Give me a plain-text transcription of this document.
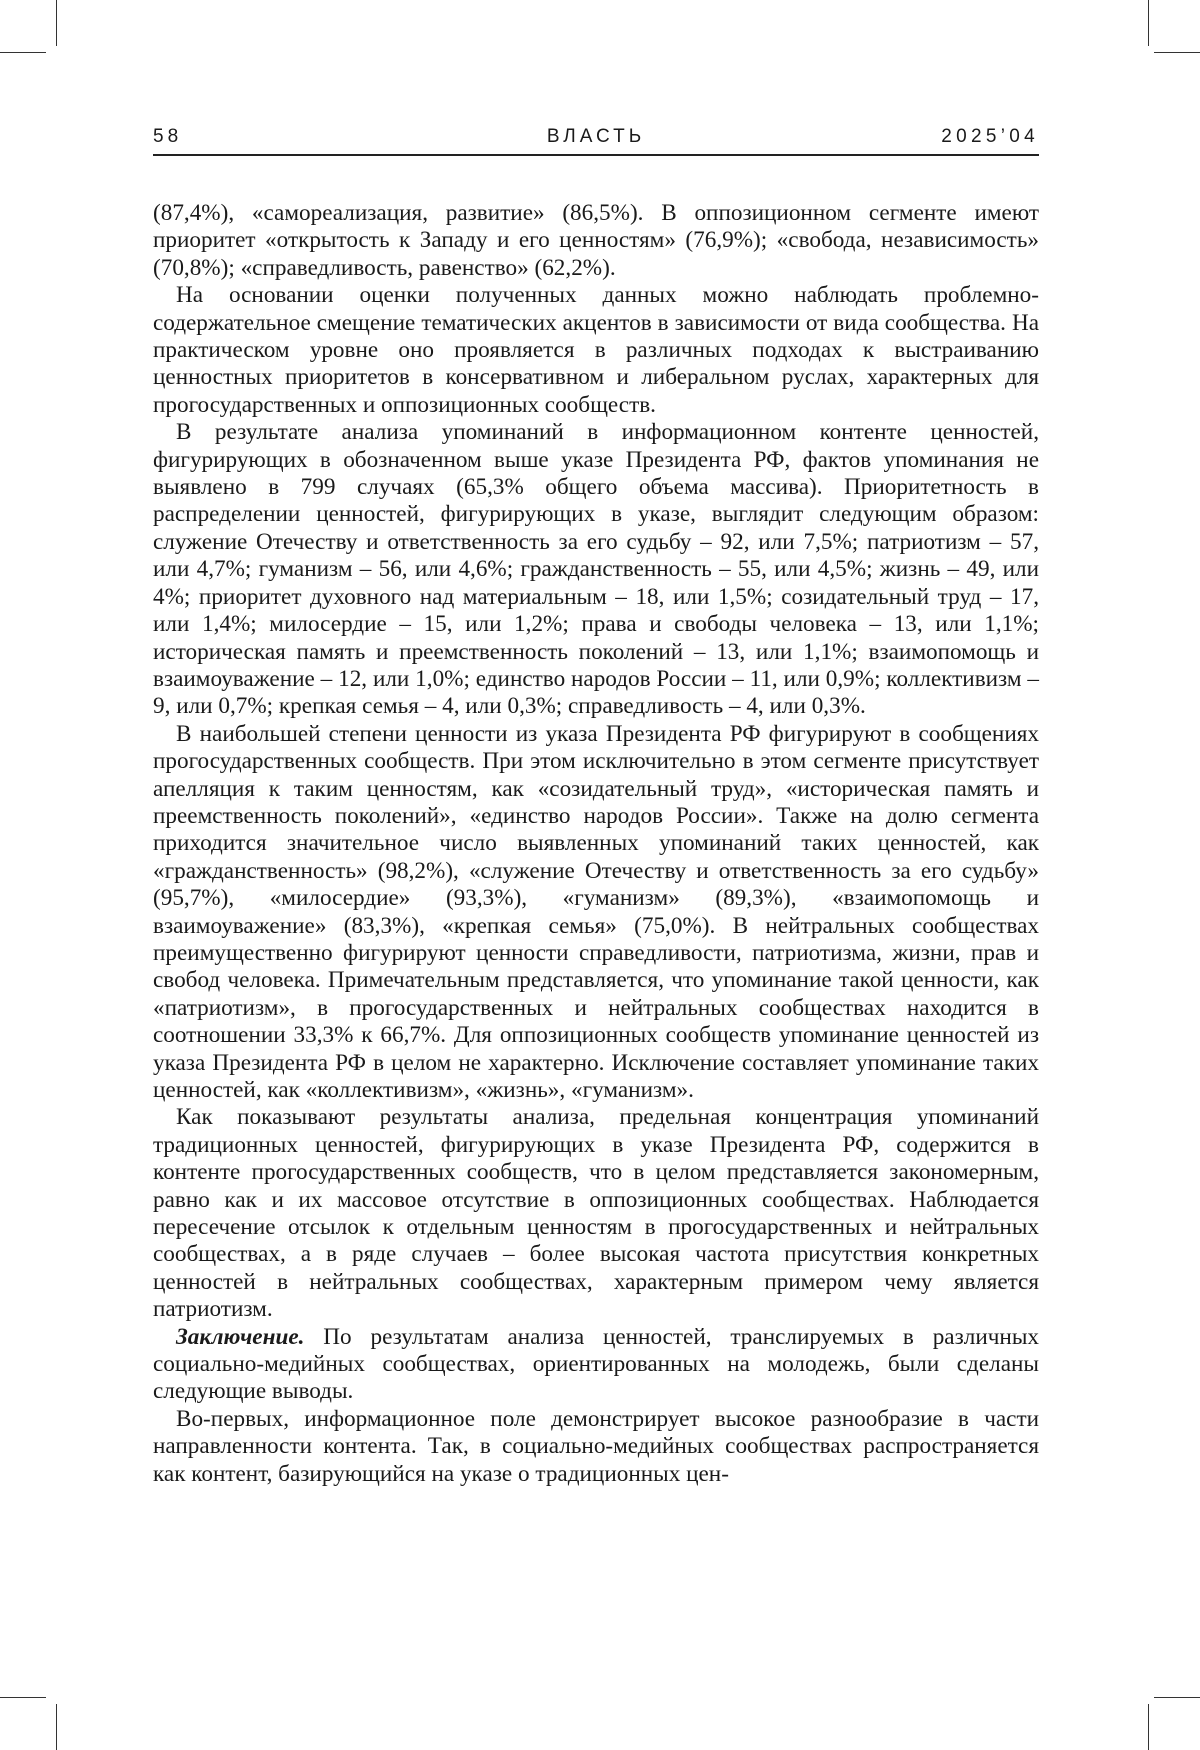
58	ВЛАСТЬ	2025’04

(87,4%), «самореализация, развитие» (86,5%). В оппозиционном сегменте имеют приоритет «открытость к Западу и его ценностям» (76,9%); «свобода, независимость» (70,8%); «справедливость, равенство» (62,2%).

На основании оценки полученных данных можно наблюдать проблемно-содержательное смещение тематических акцентов в зависимости от вида сообщества. На практическом уровне оно проявляется в различных подходах к выстраиванию ценностных приоритетов в консервативном и либеральном руслах, характерных для прогосударственных и оппозиционных сообществ.

В результате анализа упоминаний в информационном контенте ценностей, фигурирующих в обозначенном выше указе Президента РФ, фактов упоминания не выявлено в 799 случаях (65,3% общего объема массива). Приоритетность в распределении ценностей, фигурирующих в указе, выглядит следующим образом: служение Отечеству и ответственность за его судьбу – 92, или 7,5%; патриотизм – 57, или 4,7%; гуманизм – 56, или 4,6%; гражданственность – 55, или 4,5%; жизнь – 49, или 4%; приоритет духовного над материальным – 18, или 1,5%; созидательный труд – 17, или 1,4%; милосердие – 15, или 1,2%; права и свободы человека – 13, или 1,1%; историческая память и преемственность поколений – 13, или 1,1%; взаимопомощь и взаимоуважение – 12, или 1,0%; единство народов России – 11, или 0,9%; коллективизм – 9, или 0,7%; крепкая семья – 4, или 0,3%; справедливость – 4, или 0,3%.

В наибольшей степени ценности из указа Президента РФ фигурируют в сообщениях прогосударственных сообществ. При этом исключительно в этом сегменте присутствует апелляция к таким ценностям, как «созидательный труд», «историческая память и преемственность поколений», «единство народов России». Также на долю сегмента приходится значительное число выявленных упоминаний таких ценностей, как «гражданственность» (98,2%), «служение Отечеству и ответственность за его судьбу» (95,7%), «милосердие» (93,3%), «гуманизм» (89,3%), «взаимопомощь и взаимоуважение» (83,3%), «крепкая семья» (75,0%). В нейтральных сообществах преимущественно фигурируют ценности справедливости, патриотизма, жизни, прав и свобод человека. Примечательным представляется, что упоминание такой ценности, как «патриотизм», в прогосударственных и нейтральных сообществах находится в соотношении 33,3% к 66,7%. Для оппозиционных сообществ упоминание ценностей из указа Президента РФ в целом не характерно. Исключение составляет упоминание таких ценностей, как «коллективизм», «жизнь», «гуманизм».

Как показывают результаты анализа, предельная концентрация упоминаний традиционных ценностей, фигурирующих в указе Президента РФ, содержится в контенте прогосударственных сообществ, что в целом представляется закономерным, равно как и их массовое отсутствие в оппозиционных сообществах. Наблюдается пересечение отсылок к отдельным ценностям в прогосударственных и нейтральных сообществах, а в ряде случаев – более высокая частота присутствия конкретных ценностей в нейтральных сообществах, характерным примером чему является патриотизм.

Заключение. По результатам анализа ценностей, транслируемых в различных социально-медийных сообществах, ориентированных на молодежь, были сделаны следующие выводы.

Во-первых, информационное поле демонстрирует высокое разнообразие в части направленности контента. Так, в социально-медийных сообществах распространяется как контент, базирующийся на указе о традиционных цен-
